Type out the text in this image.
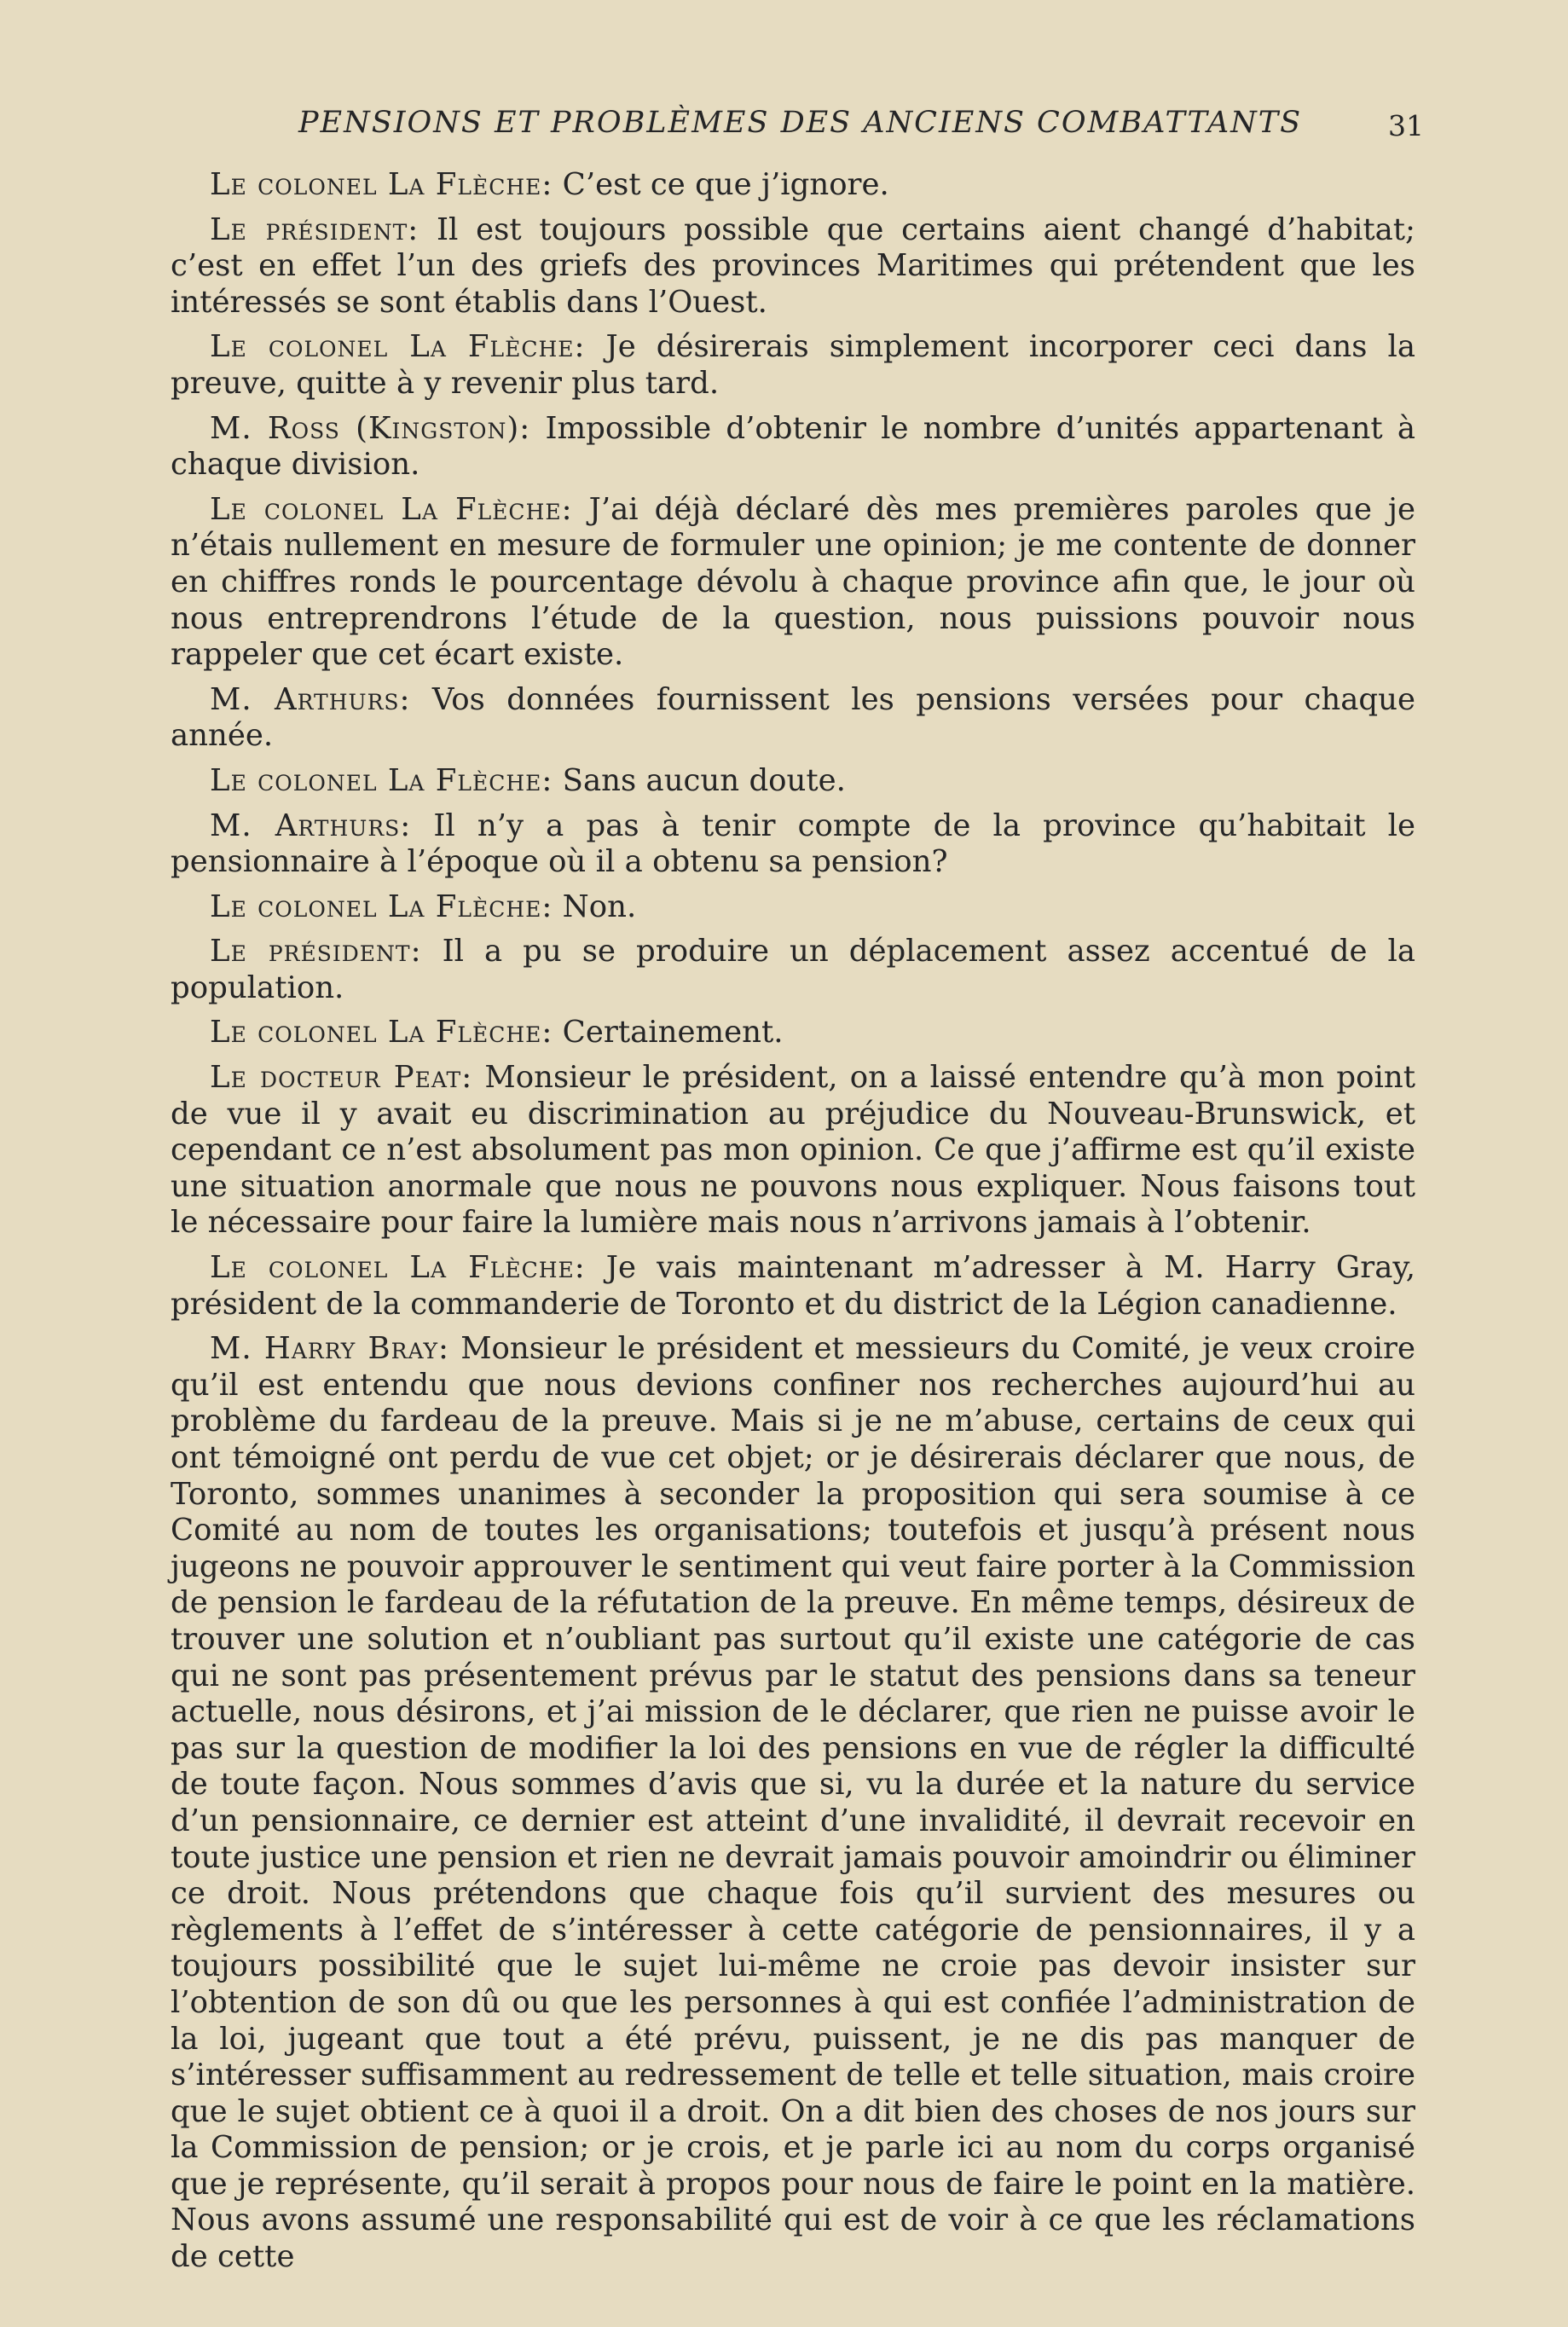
PENSIONS ET PROBLÈMES DES ANCIENS COMBATTANTS	31

Le colonel La Flèche: C’est ce que j’ignore.

Le président: Il est toujours possible que certains aient changé d’habitat; c’est en effet l’un des griefs des provinces Maritimes qui prétendent que les intéressés se sont établis dans l’Ouest.

Le colonel La Flèche: Je désirerais simplement incorporer ceci dans la preuve, quitte à y revenir plus tard.

M. Ross (Kingston): Impossible d’obtenir le nombre d’unités appartenant à chaque division.

Le colonel La Flèche: J’ai déjà déclaré dès mes premières paroles que je n’étais nullement en mesure de formuler une opinion; je me contente de donner en chiffres ronds le pourcentage dévolu à chaque province afin que, le jour où nous entreprendrons l’étude de la question, nous puissions pouvoir nous rappeler que cet écart existe.

M. Arthurs: Vos données fournissent les pensions versées pour chaque année.

Le colonel La Flèche: Sans aucun doute.

M. Arthurs: Il n’y a pas à tenir compte de la province qu’habitait le pensionnaire à l’époque où il a obtenu sa pension?

Le colonel La Flèche: Non.

Le président: Il a pu se produire un déplacement assez accentué de la population.

Le colonel La Flèche: Certainement.

Le docteur Peat: Monsieur le président, on a laissé entendre qu’à mon point de vue il y avait eu discrimination au préjudice du Nouveau-Brunswick, et cependant ce n’est absolument pas mon opinion. Ce que j’affirme est qu’il existe une situation anormale que nous ne pouvons nous expliquer. Nous faisons tout le nécessaire pour faire la lumière mais nous n’arrivons jamais à l’obtenir.

Le colonel La Flèche: Je vais maintenant m’adresser à M. Harry Gray, président de la commanderie de Toronto et du district de la Légion canadienne.

M. Harry Bray: Monsieur le président et messieurs du Comité, je veux croire qu’il est entendu que nous devions confiner nos recherches aujourd’hui au problème du fardeau de la preuve. Mais si je ne m’abuse, certains de ceux qui ont témoigné ont perdu de vue cet objet; or je désirerais déclarer que nous, de Toronto, sommes unanimes à seconder la proposition qui sera soumise à ce Comité au nom de toutes les organisations; toutefois et jusqu’à présent nous jugeons ne pouvoir approuver le sentiment qui veut faire porter à la Commission de pension le fardeau de la réfutation de la preuve. En même temps, désireux de trouver une solution et n’oubliant pas surtout qu’il existe une catégorie de cas qui ne sont pas présentement prévus par le statut des pensions dans sa teneur actuelle, nous désirons, et j’ai mission de le déclarer, que rien ne puisse avoir le pas sur la question de modifier la loi des pensions en vue de régler la difficulté de toute façon. Nous sommes d’avis que si, vu la durée et la nature du service d’un pensionnaire, ce dernier est atteint d’une invalidité, il devrait recevoir en toute justice une pension et rien ne devrait jamais pouvoir amoindrir ou éliminer ce droit. Nous prétendons que chaque fois qu’il survient des mesures ou règlements à l’effet de s’intéresser à cette catégorie de pensionnaires, il y a toujours possibilité que le sujet lui-même ne croie pas devoir insister sur l’obtention de son dû ou que les personnes à qui est confiée l’administration de la loi, jugeant que tout a été prévu, puissent, je ne dis pas manquer de s’intéresser suffisamment au redressement de telle et telle situation, mais croire que le sujet obtient ce à quoi il a droit. On a dit bien des choses de nos jours sur la Commission de pension; or je crois, et je parle ici au nom du corps organisé que je représente, qu’il serait à propos pour nous de faire le point en la matière. Nous avons assumé une responsabilité qui est de voir à ce que les réclamations de cette
